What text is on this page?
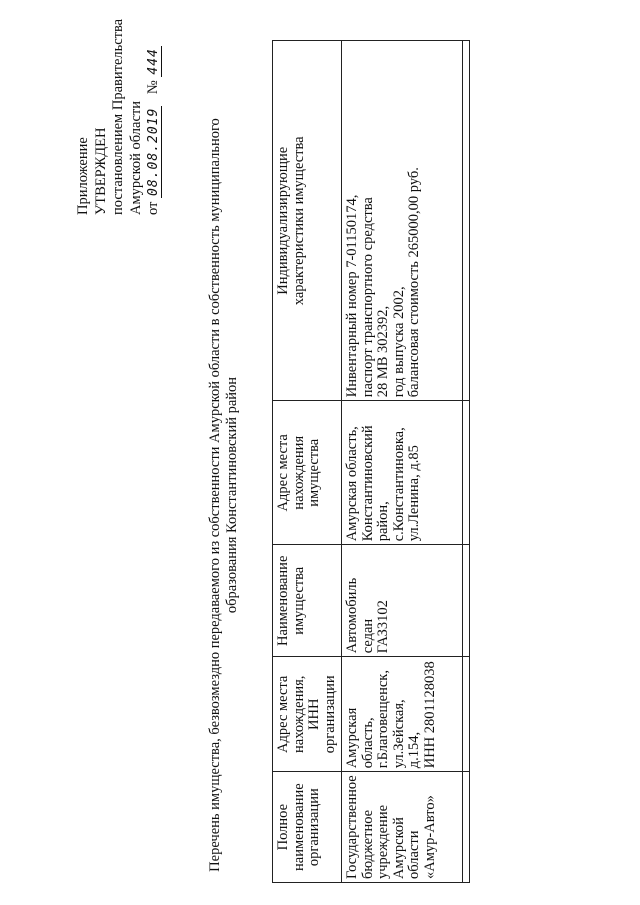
Приложение УТВЕРЖДЕН постановлением Правительства Амурской области от 08.08.2019 № 444
Перечень имущества, безвозмездно передаваемого из собственности Амурской области в собственность муниципального образования Константиновский район
Полное наименование организации	Адрес места нахождения, ИНН организации	Наименование имущества	Адрес места нахождения имущества	Индивидуализирующие характеристики имущества

Государственное бюджетное учреждение Амурской области «Амур-Авто»	Амурская область, г.Благовещенск, ул.Зейская, д.154, ИНН 2801128038	Автомобиль седан ГАЗ3102	Амурская область, Константиновский район, с.Константиновка, ул.Ленина, д.85	Инвентарный номер 7-01150174, паспорт транспортного средства 28 МВ 302392, год выпуска 2002, балансовая стоимость 265000,00 руб.
